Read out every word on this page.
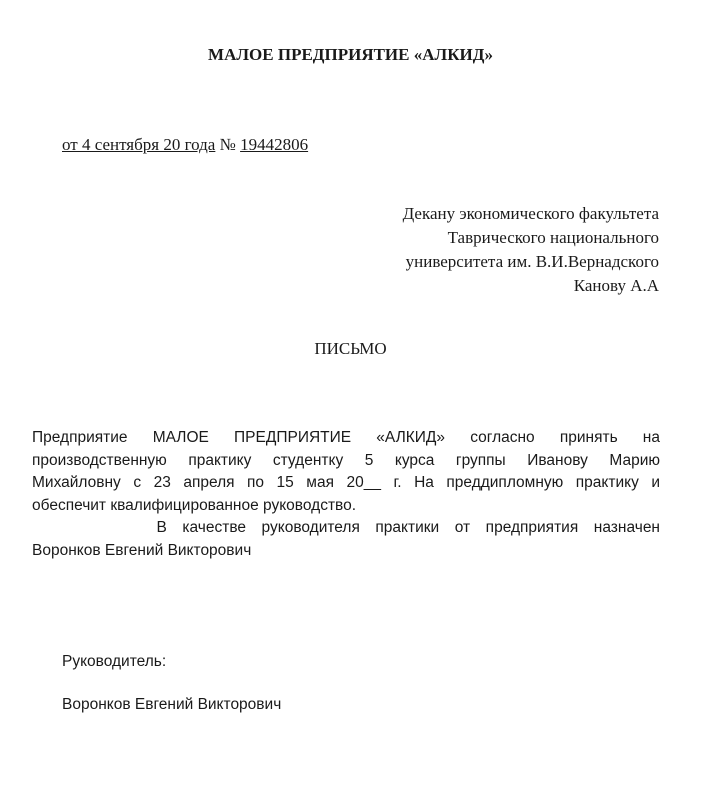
МАЛОЕ ПРЕДПРИЯТИЕ «АЛКИД»
от 4 сентября 20 года № 19442806
Декану экономического факультета
Таврического национального
университета им. В.И.Вернадского
Канову А.А
ПИСЬМО
Предприятие МАЛОЕ ПРЕДПРИЯТИЕ «АЛКИД» согласно принять на
производственную практику студентку 5 курса группы Иванову Марию
Михайловну с 23 апреля по 15 мая 20__ г. На преддипломную практику и
обеспечит квалифицированное руководство.
В качестве руководителя практики от предприятия назначен
Воронков Евгений Викторович
Руководитель:
Воронков Евгений Викторович
